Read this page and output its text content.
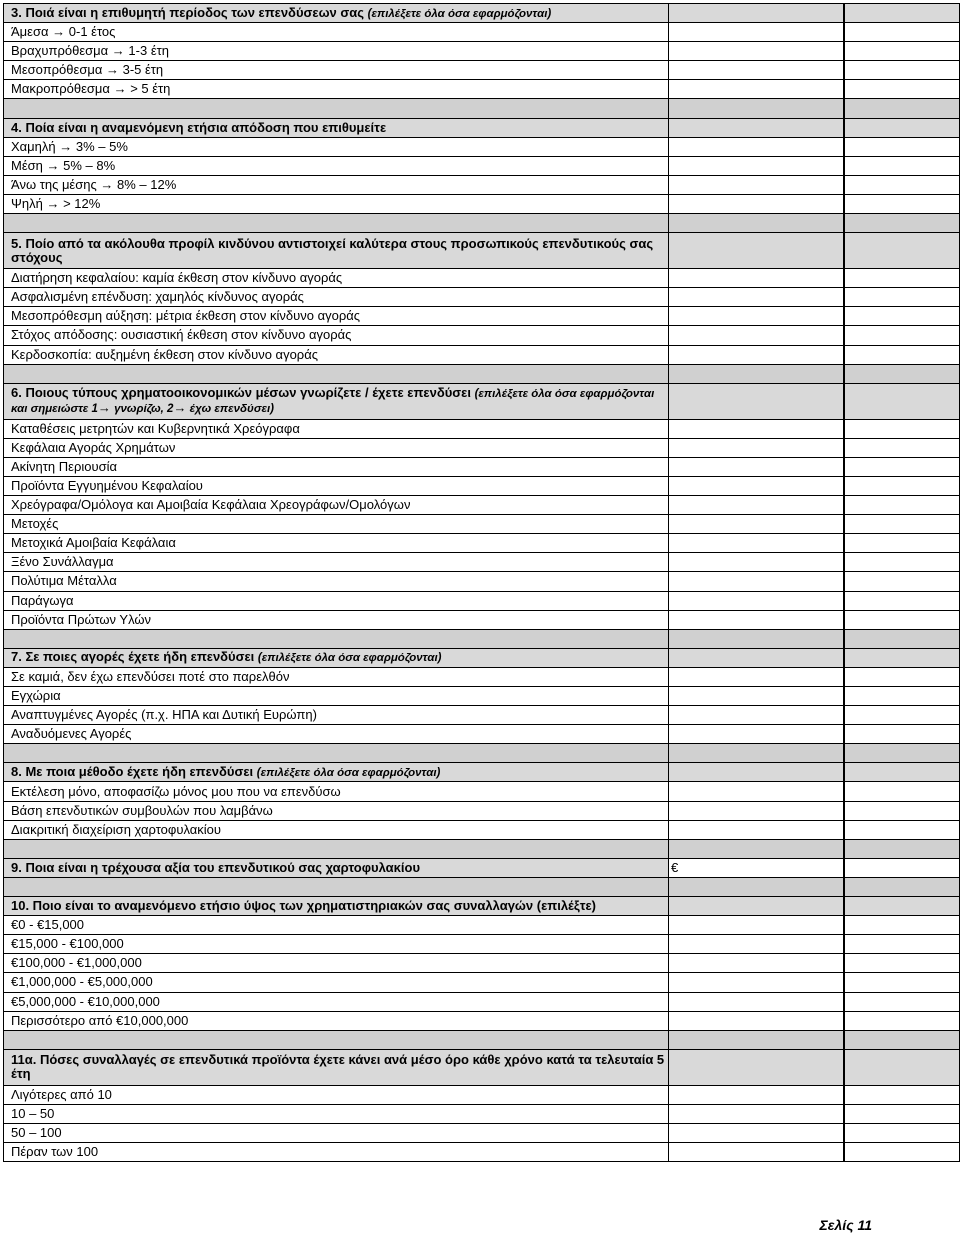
3. Ποιά είναι η επιθυμητή περίοδος των επενδύσεων σας (επιλέξετε όλα όσα εφαρμόζονται)		
Άμεσα → 0-1 έτος		
Βραχυπρόθεσμα → 1-3 έτη		
Μεσοπρόθεσμα → 3-5 έτη		
Μακροπρόθεσμα → > 5 έτη		

4. Ποία είναι η αναμενόμενη ετήσια απόδοση που επιθυμείτε		
Χαμηλή → 3% – 5%		
Μέση → 5% – 8%		
Άνω της μέσης → 8% – 12%		
Ψηλή → > 12%		

5. Ποίο από τα ακόλουθα προφίλ κινδύνου αντιστοιχεί καλύτερα στους προσωπικούς επενδυτικούς σας στόχους		
Διατήρηση κεφαλαίου: καμία έκθεση στον κίνδυνο αγοράς		
Ασφαλισμένη επένδυση: χαμηλός κίνδυνος αγοράς		
Μεσοπρόθεσμη αύξηση: μέτρια έκθεση στον κίνδυνο αγοράς		
Στόχος απόδοσης: ουσιαστική έκθεση στον κίνδυνο αγοράς		
Κερδοσκοπία: αυξημένη έκθεση στον κίνδυνο αγοράς		

6. Ποιους τύπους χρηματοοικονομικών μέσων γνωρίζετε / έχετε επενδύσει (επιλέξετε όλα όσα εφαρμόζονται και σημειώστε 1→ γνωρίζω, 2→ έχω επενδύσει)		
Καταθέσεις μετρητών και Κυβερνητικά Χρεόγραφα		
Κεφάλαια Αγοράς Χρημάτων		
Ακίνητη Περιουσία		
Προϊόντα Εγγυημένου Κεφαλαίου		
Χρεόγραφα/Ομόλογα και Αμοιβαία Κεφάλαια Χρεογράφων/Ομολόγων		
Μετοχές		
Μετοχικά Αμοιβαία Κεφάλαια		
Ξένο Συνάλλαγμα		
Πολύτιμα Μέταλλα		
Παράγωγα		
Προϊόντα Πρώτων Υλών		

7. Σε ποιες αγορές έχετε ήδη επενδύσει (επιλέξετε όλα όσα εφαρμόζονται)		
Σε καμιά, δεν έχω επενδύσει ποτέ στο παρελθόν		
Εγχώρια		
Αναπτυγμένες Αγορές (π.χ. ΗΠΑ και Δυτική Ευρώπη)		
Αναδυόμενες Αγορές		

8. Με ποια μέθοδο έχετε ήδη επενδύσει (επιλέξετε όλα όσα εφαρμόζονται)		
Εκτέλεση μόνο, αποφασίζω μόνος μου που να επενδύσω		
Βάση επενδυτικών συμβουλών που λαμβάνω		
Διακριτική διαχείριση χαρτοφυλακίου		

9. Ποια είναι η τρέχουσα αξία του επενδυτικού σας χαρτοφυλακίου	€	

10. Ποιο είναι το αναμενόμενο ετήσιο ύψος των χρηματιστηριακών σας συναλλαγών (επιλέξτε)		
€0 - €15,000		
€15,000 - €100,000		
€100,000 - €1,000,000		
€1,000,000 - €5,000,000		
€5,000,000 - €10,000,000		
Περισσότερο από €10,000,000		

11α. Πόσες συναλλαγές σε επενδυτικά προϊόντα έχετε κάνει ανά μέσο όρο κάθε χρόνο κατά τα τελευταία 5 έτη		
Λιγότερες από 10		
10 – 50		
50 – 100		
Πέραν των 100		
Σελίς 11
